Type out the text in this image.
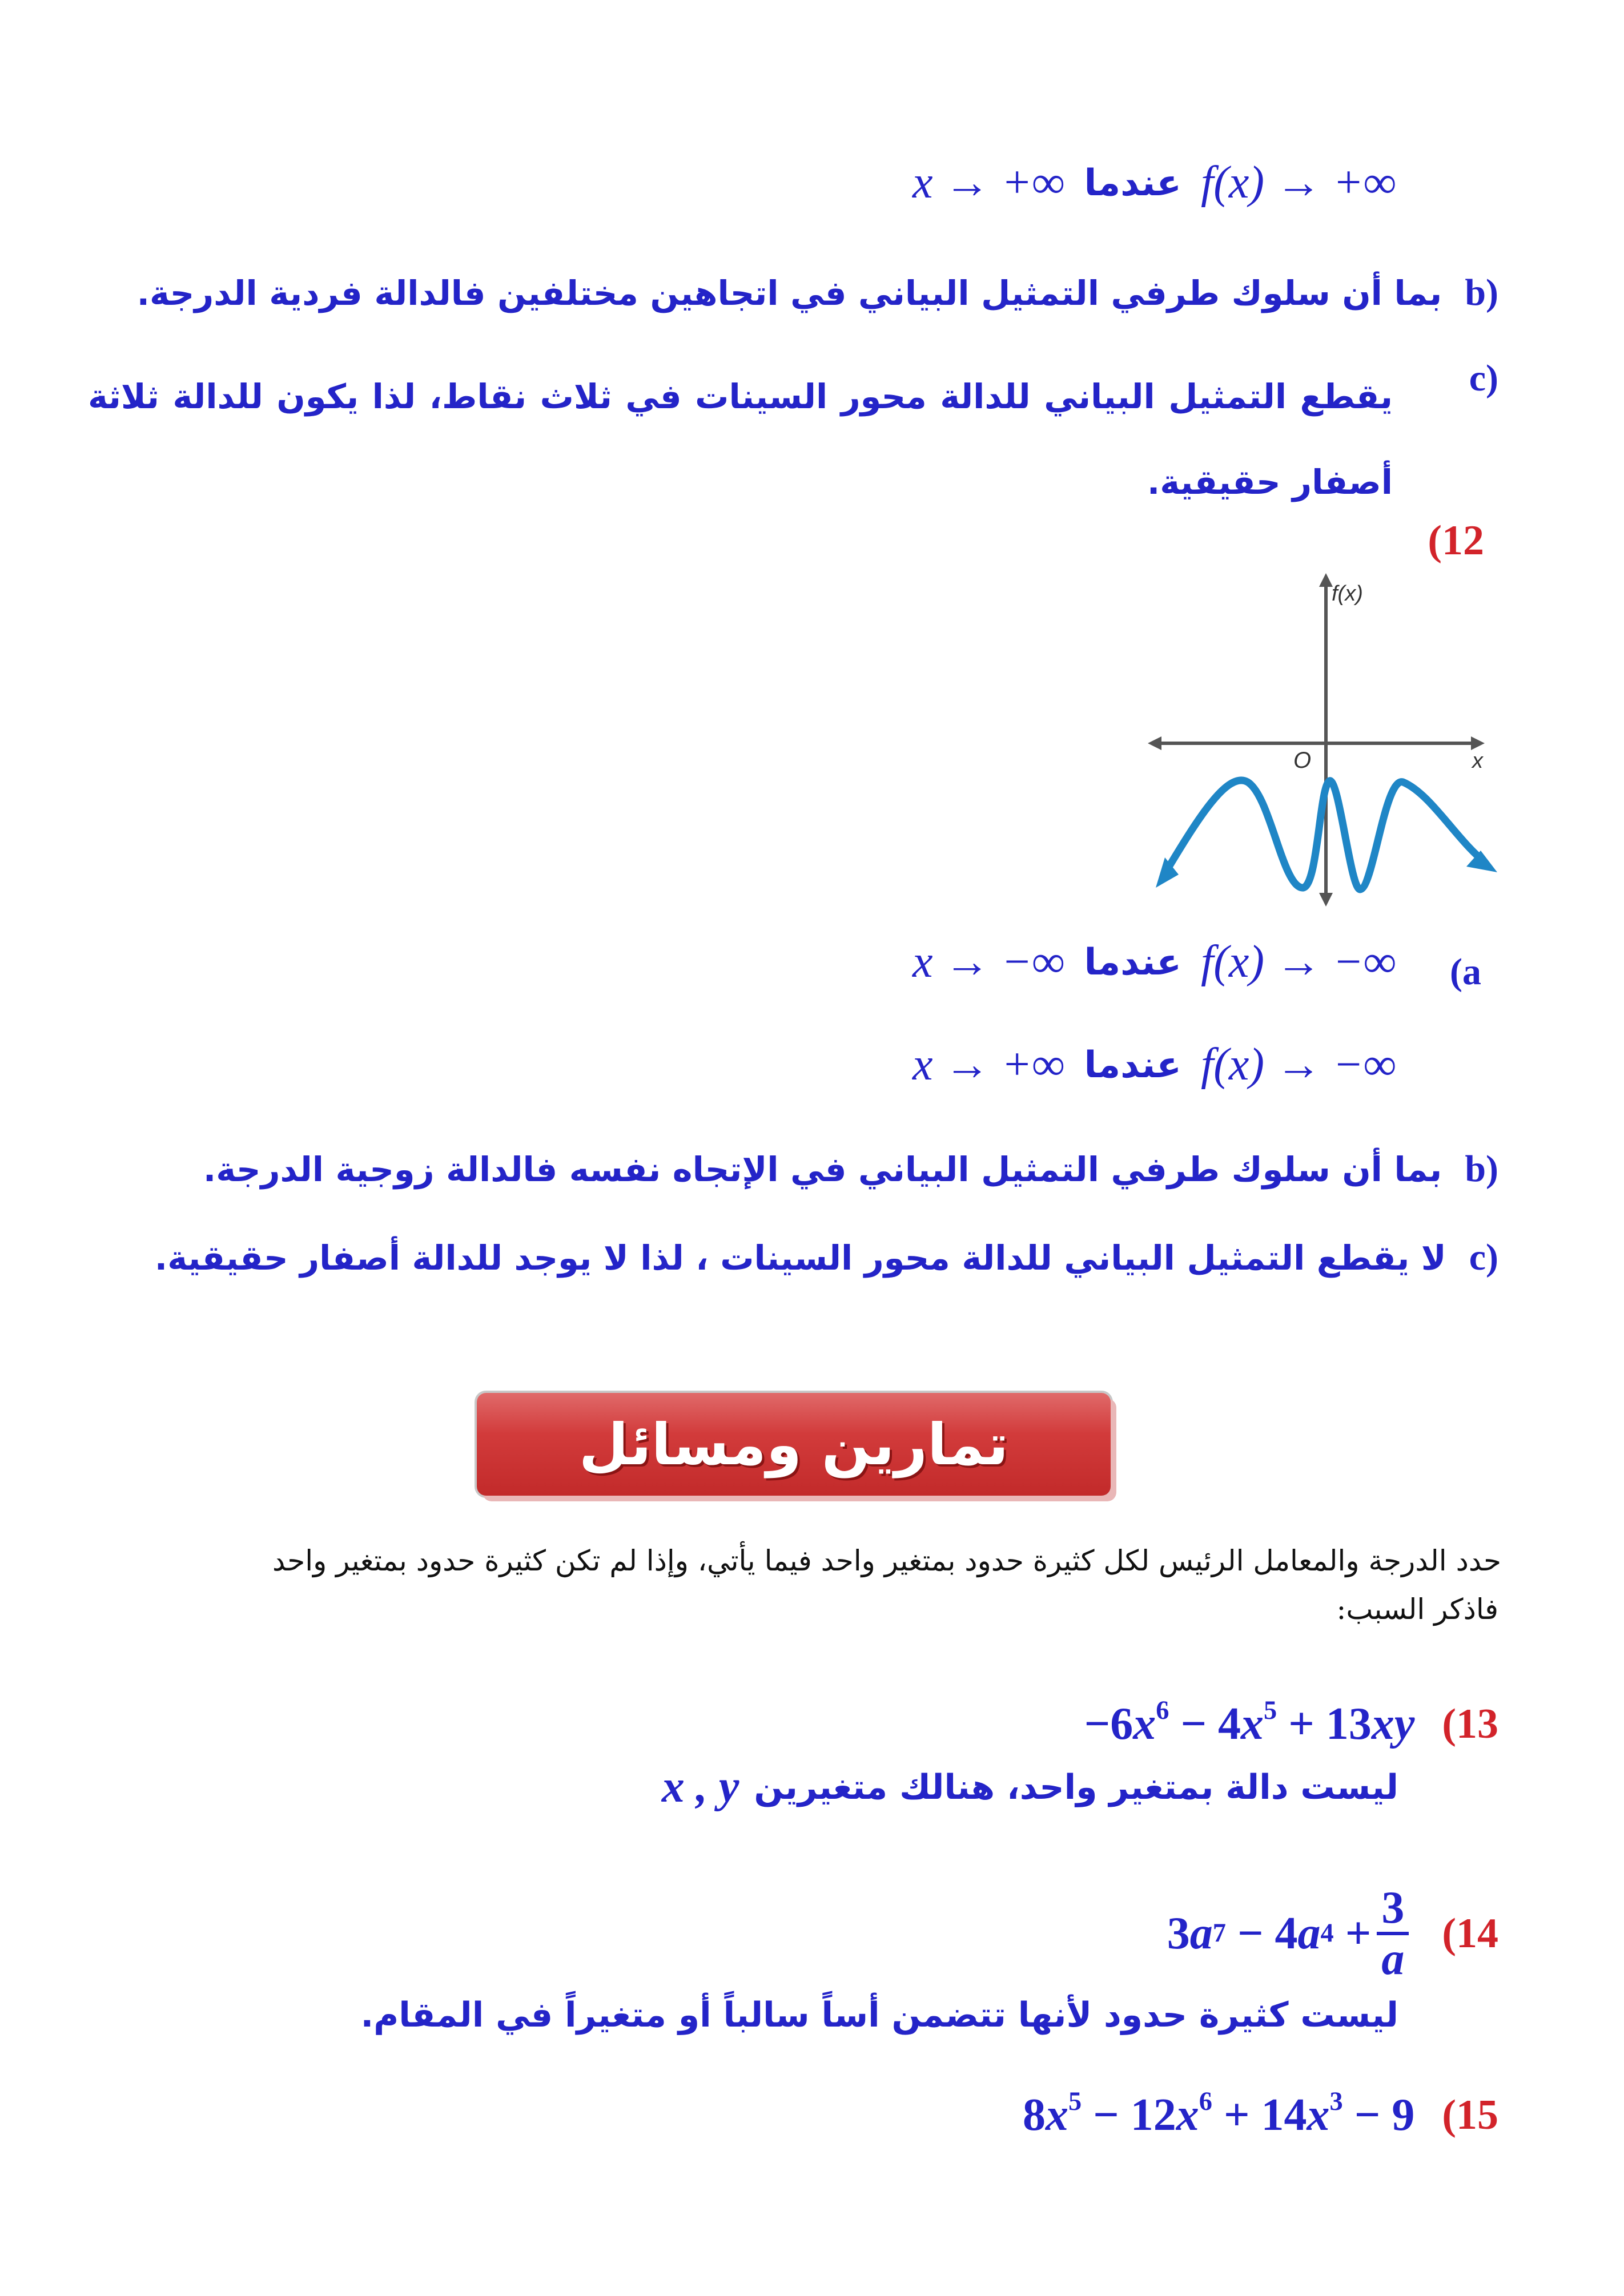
x → +∞ عندما f(x) → +∞
b)
بما أن سلوك طرفي التمثيل البياني في اتجاهين مختلفين فالدالة فردية الدرجة.
c)
يقطع التمثيل البياني للدالة محور السينات في ثلاث نقاط، لذا يكون للدالة ثلاثة أصفار حقيقية.
(12
f(x)
x
O
(a
x → −∞ عندما f(x) → −∞
x → +∞ عندما f(x) → −∞
b)
بما أن سلوك طرفي التمثيل البياني في الإتجاه نفسه فالدالة زوجية الدرجة.
c)
لا يقطع التمثيل البياني للدالة محور السينات ، لذا لا يوجد للدالة أصفار حقيقية.
تمارين ومسائل
حدد الدرجة والمعامل الرئيس لكل كثيرة حدود بمتغير واحد فيما يأتي، وإذا لم تكن كثيرة حدود بمتغير واحد
فاذكر السبب:
$-6x^6 - 4x^5 + 13xy$ (13
ليست دالة بمتغير واحد، هنالك متغيرين
x , y
3 a 7
− 4 a 4
+ $\frac{3}{a} (14$
ليست كثيرة حدود لأنها تتضمن أساً سالباً أو متغيراً في المقام.
$8x^5 - 12x^6 + 14x^3 - 9$ (15
